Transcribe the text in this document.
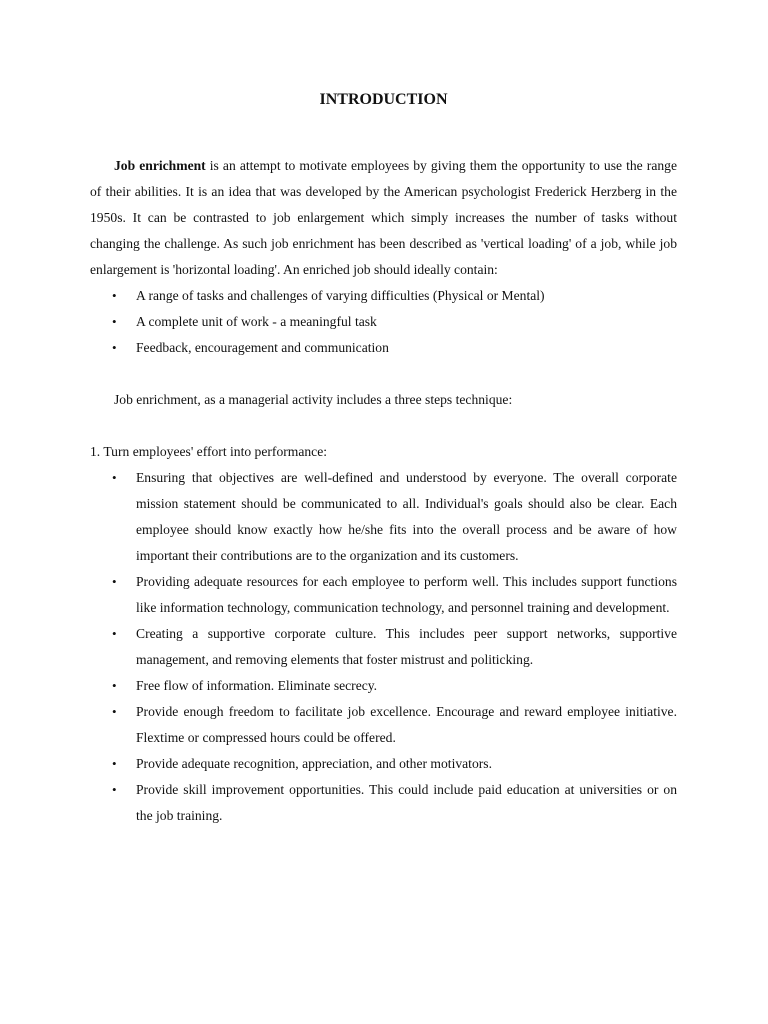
INTRODUCTION

Job enrichment is an attempt to motivate employees by giving them the opportunity to use the range of their abilities. It is an idea that was developed by the American psychologist Frederick Herzberg in the 1950s. It can be contrasted to job enlargement which simply increases the number of tasks without changing the challenge. As such job enrichment has been described as 'vertical loading' of a job, while job enlargement is 'horizontal loading'. An enriched job should ideally contain:

• A range of tasks and challenges of varying difficulties (Physical or Mental)
• A complete unit of work - a meaningful task
• Feedback, encouragement and communication

Job enrichment, as a managerial activity includes a three steps technique:

1. Turn employees' effort into performance:

• Ensuring that objectives are well-defined and understood by everyone. The overall corporate mission statement should be communicated to all. Individual's goals should also be clear. Each employee should know exactly how he/she fits into the overall process and be aware of how important their contributions are to the organization and its customers.
• Providing adequate resources for each employee to perform well. This includes support functions like information technology, communication technology, and personnel training and development.
• Creating a supportive corporate culture. This includes peer support networks, supportive management, and removing elements that foster mistrust and politicking.
• Free flow of information. Eliminate secrecy.
• Provide enough freedom to facilitate job excellence. Encourage and reward employee initiative. Flextime or compressed hours could be offered.
• Provide adequate recognition, appreciation, and other motivators.
• Provide skill improvement opportunities. This could include paid education at universities or on the job training.
